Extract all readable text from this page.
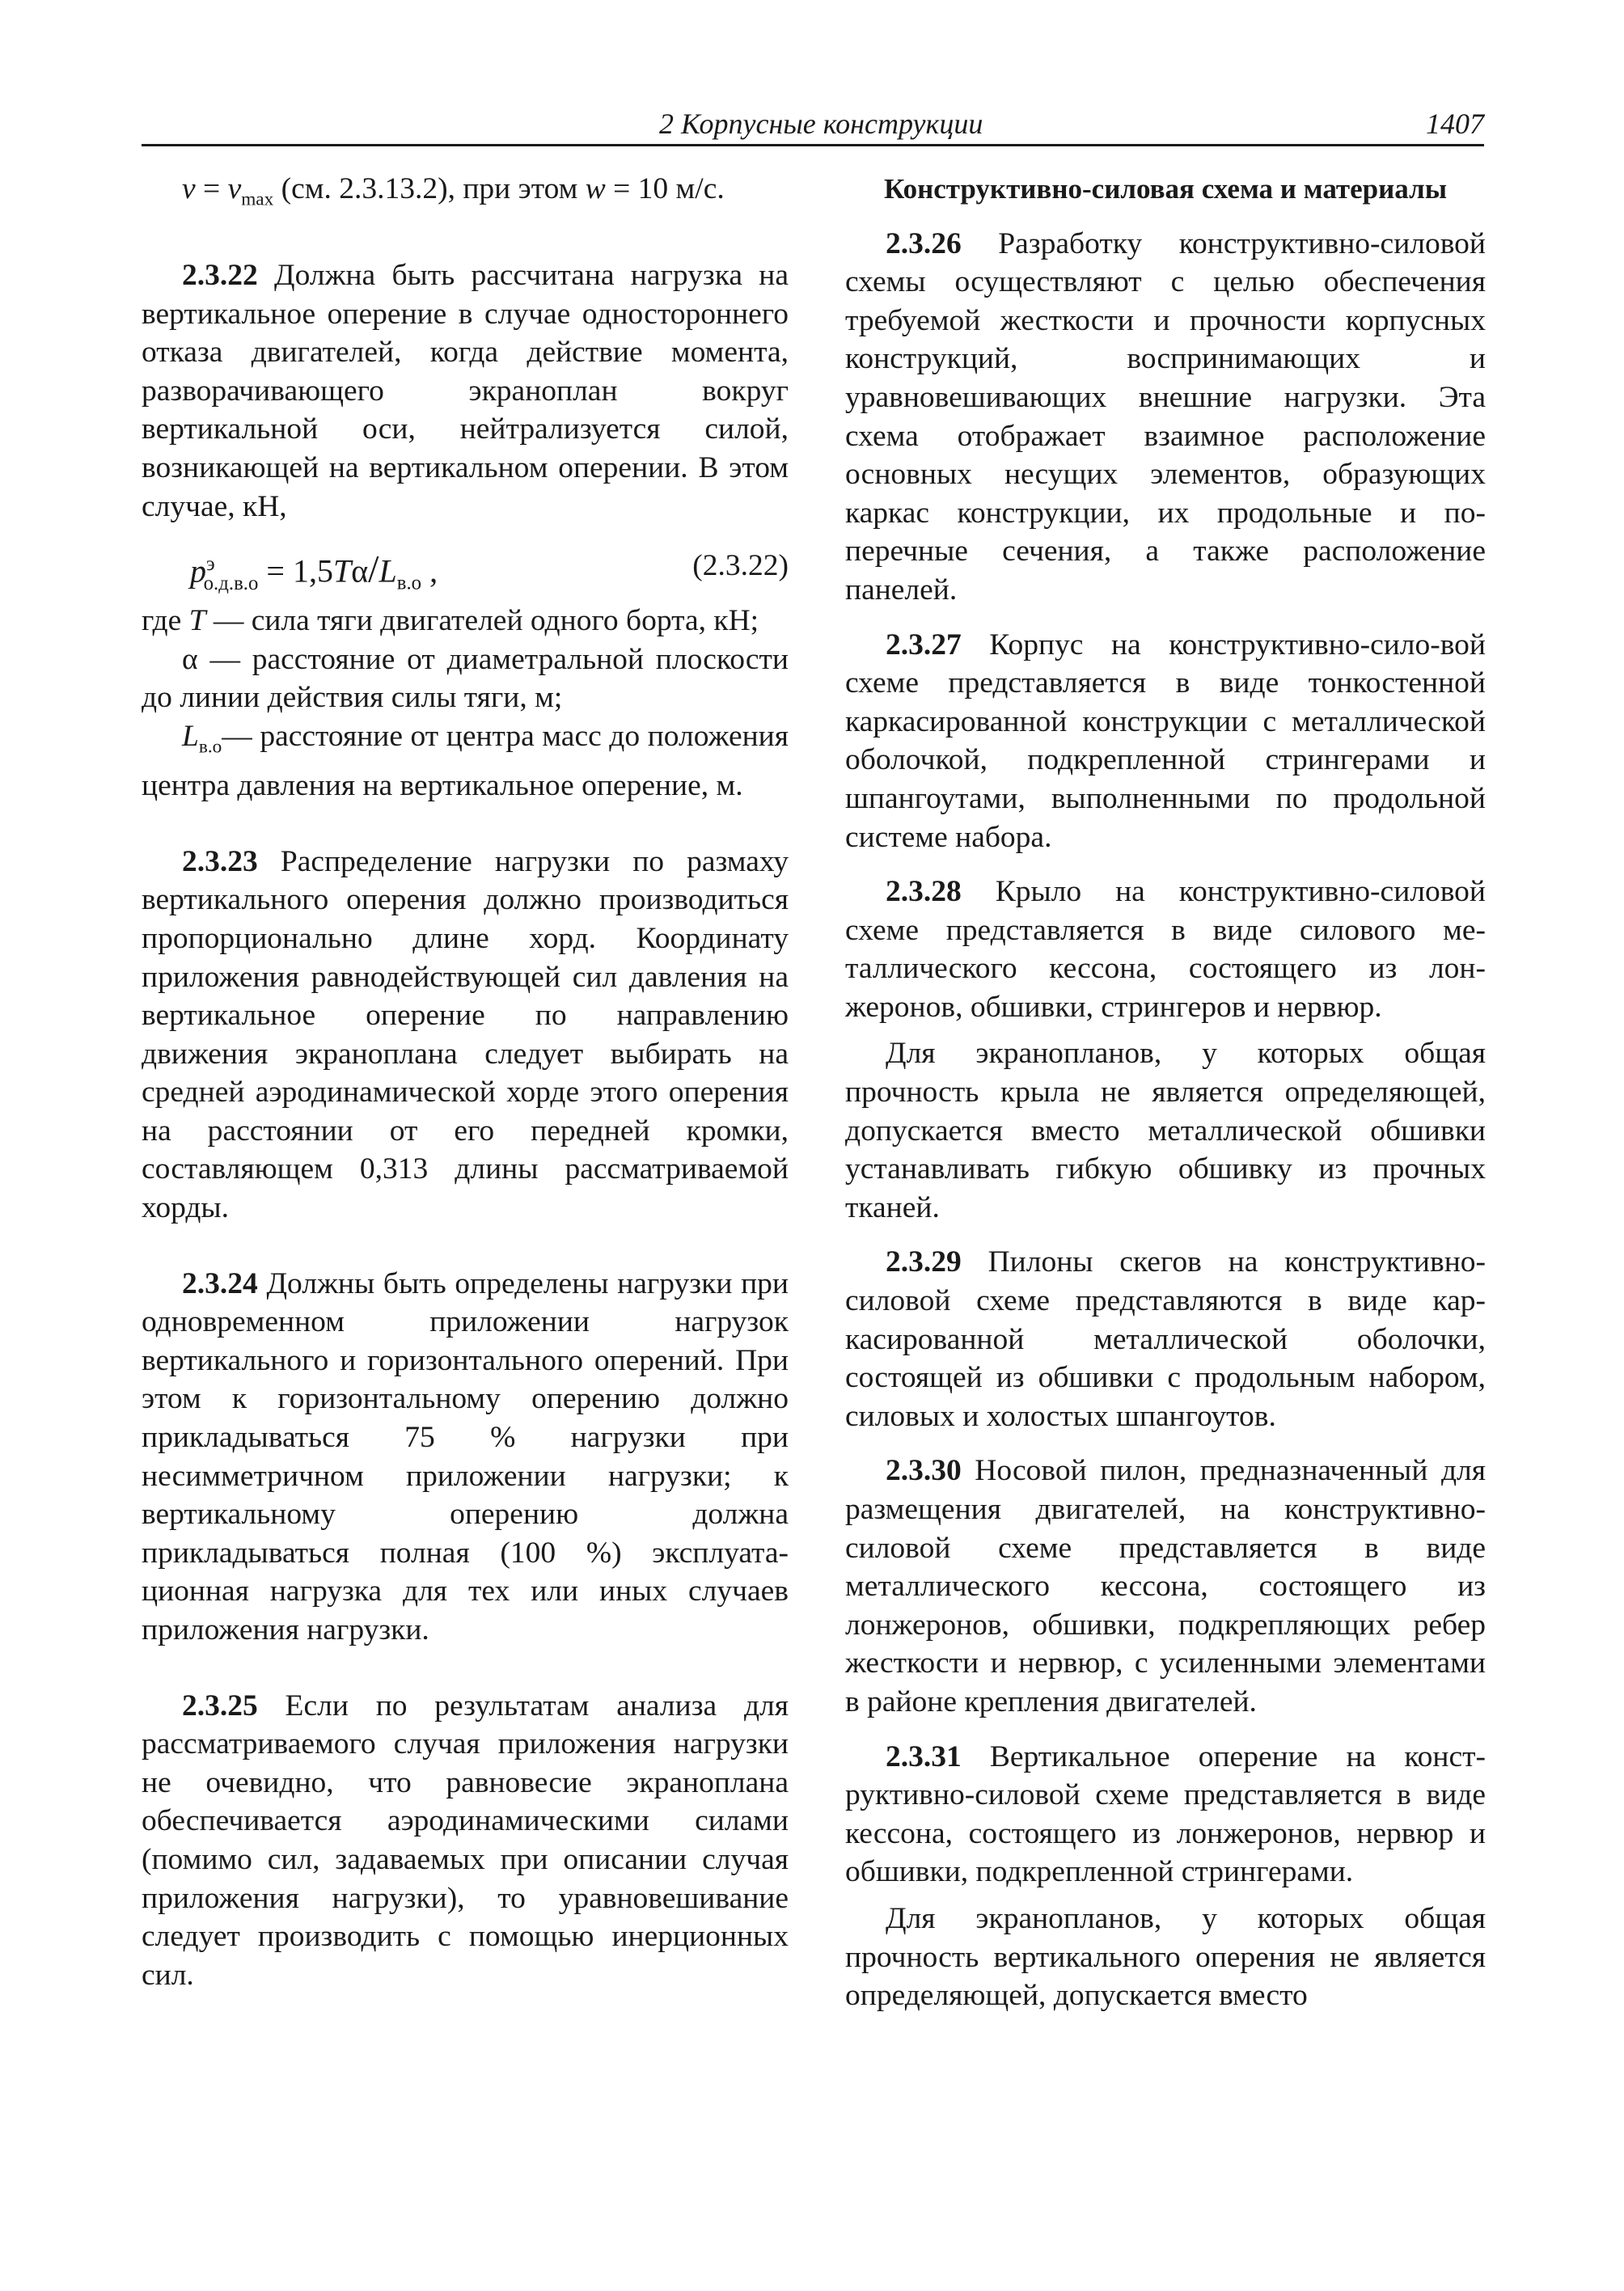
2 Корпусные конструкции	1407

$v = v_{max}$ (см. 2.3.13.2), при этом w = 10 м/с.

2.3.22 Должна быть рассчитана нагрузка на вертикальное оперение в случае одностороннего отказа двигателей, когда действие момента, разворачивающего экраноплан вокруг вертикальной оси, нейтрализуется силой, возникающей на вертикальном оперении. В этом случае, кН,

$p^э_{о.д.в.о} = 1,5T\alpha/L_{в.о}$ ,	(2.3.22)

где T — сила тяги двигателей одного борта, кН;

α — расстояние от диаметральной плоскости до линии действия силы тяги, м;

$L_{в.о}—$ расстояние от центра масс до положения центра давления на вертикальное оперение, м.

2.3.23 Распределение нагрузки по размаху вертикального оперения должно производиться пропорционально длине хорд. Координату приложения равнодействующей сил давления на вертикальное оперение по направлению движения экраноплана следует выбирать на средней аэродинамической хорде этого оперения на расстоянии от его передней кромки, составляющем 0,313 длины рассматриваемой хорды.

2.3.24 Должны быть определены нагрузки при одновременном приложении нагрузок вертикального и горизонтального оперений. При этом к горизонтальному оперению должно прикладываться 75 % нагрузки при несимметричном приложении нагрузки; к вертикальному оперению должна прикладываться полная (100 %) эксплуатационная нагрузка для тех или иных случаев приложения нагрузки.

2.3.25 Если по результатам анализа для рассматриваемого случая приложения нагрузки не очевидно, что равновесие экраноплана обеспечивается аэродинамическими силами (помимо сил, задаваемых при описании случая приложения нагрузки), то уравновешивание следует производить с помощью инерционных сил.

Конструктивно-силовая схема и материалы

2.3.26 Разработку конструктивно-силовой схемы осуществляют с целью обеспечения требуемой жесткости и прочности корпусных конструкций, воспринимающих и уравновешивающих внешние нагрузки. Эта схема отображает взаимное расположение основных несущих элементов, образующих каркас конструкции, их продольные и поперечные сечения, а также расположение панелей.

2.3.27 Корпус на конструктивно-сило-вой схеме представляется в виде тонкостенной каркасированной конструкции с металлической оболочкой, подкрепленной стрингерами и шпангоутами, выполненными по продольной системе набора.

2.3.28 Крыло на конструктивно-силовой схеме представляется в виде силового металлического кессона, состоящего из лонжеронов, обшивки, стрингеров и нервюр.

Для экранопланов, у которых общая прочность крыла не является определяющей, допускается вместо металлической обшивки устанавливать гибкую обшивку из прочных тканей.

2.3.29 Пилоны скегов на конструктивно-силовой схеме представляются в виде каркасированной металлической оболочки, состоящей из обшивки с продольным набором, силовых и холостых шпангоутов.

2.3.30 Носовой пилон, предназначенный для размещения двигателей, на конструктивно-силовой схеме представляется в виде металлического кессона, состоящего из лонжеронов, обшивки, подкрепляющих ребер жесткости и нервюр, с усиленными элементами в районе крепления двигателей.

2.3.31 Вертикальное оперение на конструктивно-силовой схеме представляется в виде кессона, состоящего из лонжеронов, нервюр и обшивки, подкрепленной стрингерами.

Для экранопланов, у которых общая прочность вертикального оперения не является определяющей, допускается вместо
